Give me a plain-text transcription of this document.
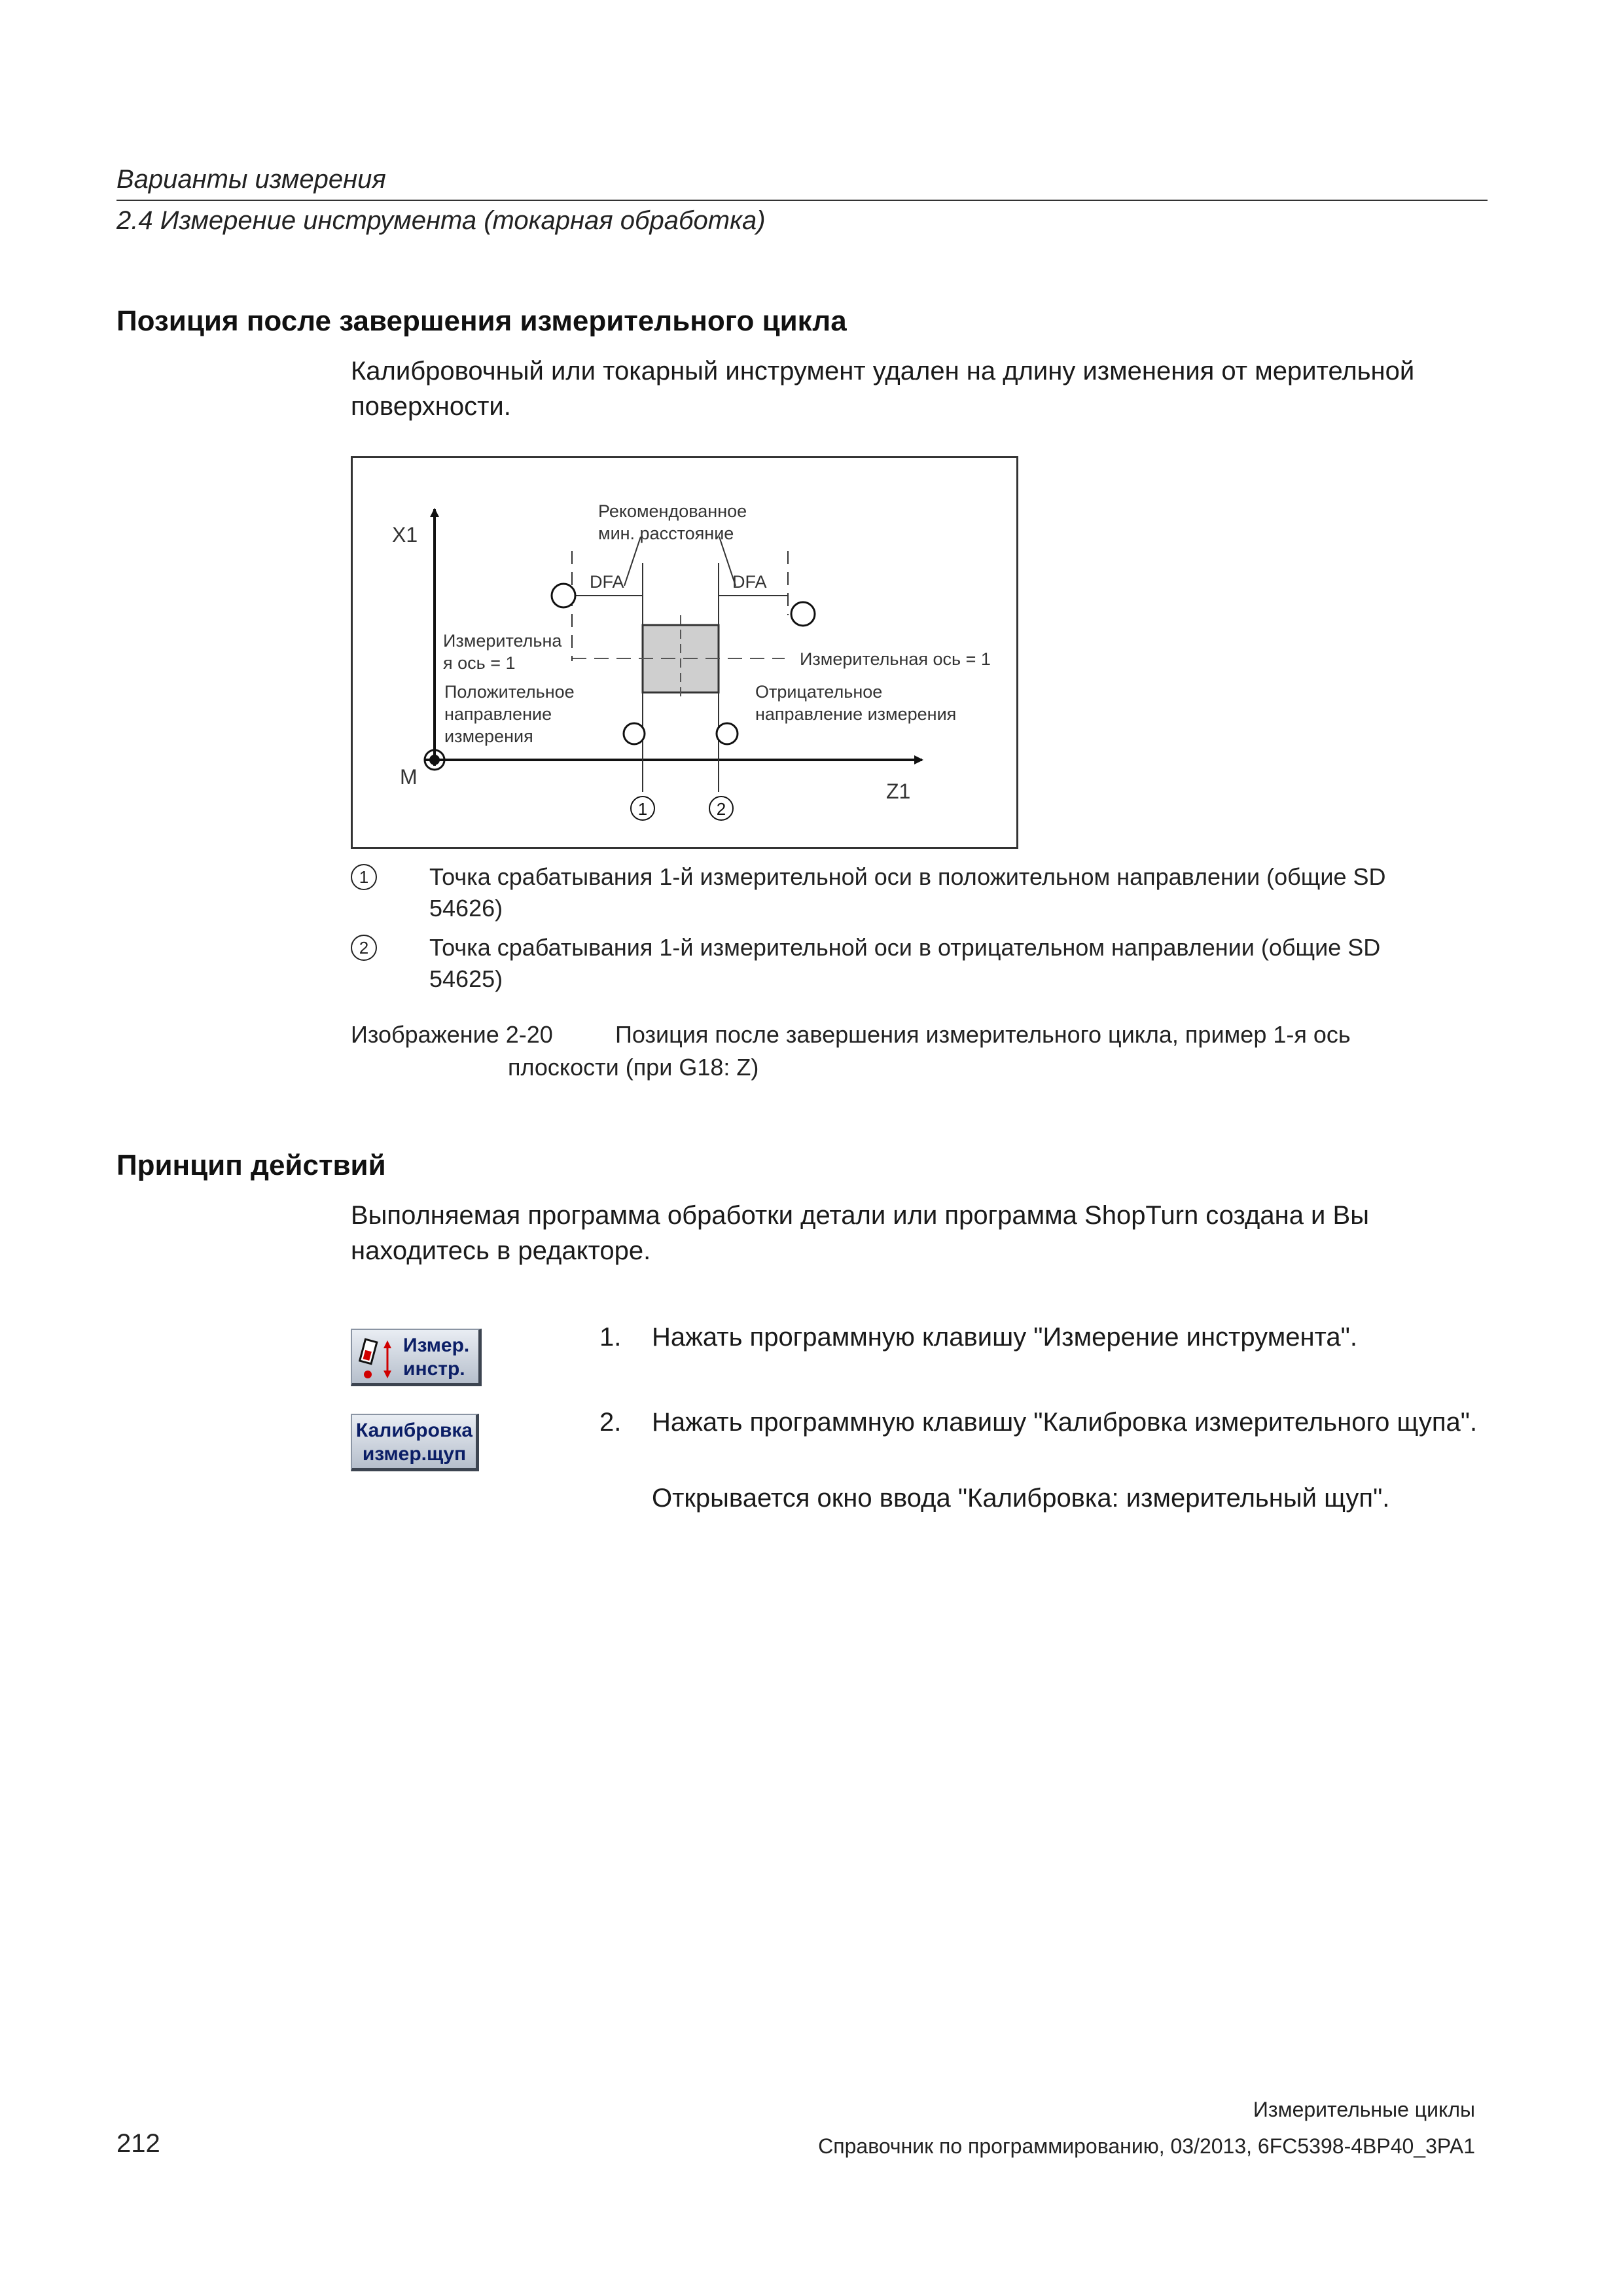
Варианты измерения
2.4 Измерение инструмента (токарная обработка)
Позиция после завершения измерительного цикла
Калибровочный или токарный инструмент удален на длину изменения от мерительной поверхности.
1	2
X1
Z1
M
Рекомендованное
мин. расстояние
DFA	DFA
Измерительна
я ось = 1	Измерительная ось = 1
Положительное
направление
измерения
Отрицательное
направление измерения
1	Точка срабатывания 1-й измерительной оси в положительном направлении (общие SD 54626)
2	Точка срабатывания 1-й измерительной оси в отрицательном направлении (общие SD 54625)
Изображение 2-20	Позиция после завершения измерительного цикла, пример 1-я ось
плоскости (при G18: Z)
Принцип действий
Выполняемая программа обработки детали или программа ShopTurn создана и Вы находитесь в редакторе.
Измер.
инстр.
Калибровка
измер.щуп
1. Нажать программную клавишу "Измерение инструмента".
2. Нажать программную клавишу "Калибровка измерительного щупа".
Открывается окно ввода "Калибровка: измерительный щуп".
Измерительные циклы
212	Справочник по программированию, 03/2013, 6FC5398-4BP40_3PA1
